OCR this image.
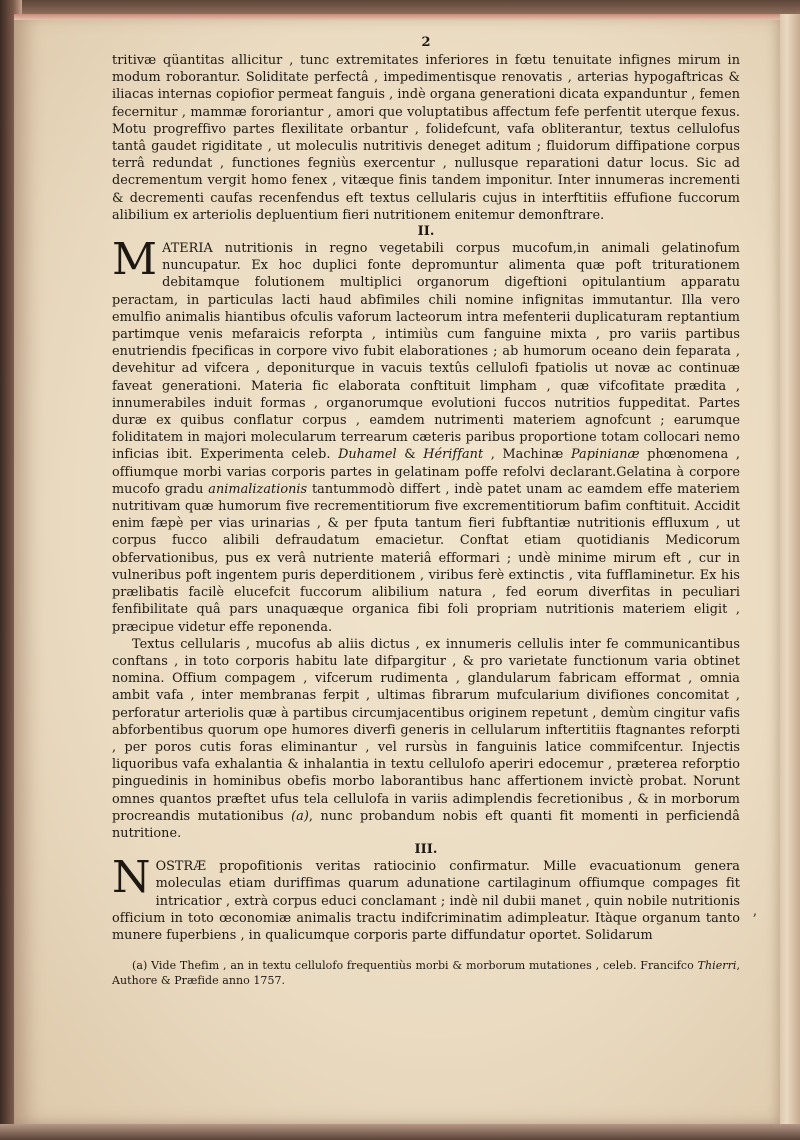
2

tritivæ qüantitas allicitur , tunc extremitates inferiores in fœtu tenuitate infignes mirum in modum roborantur. Soliditate perfectâ , impedimentisque renovatis , arterias hypogaftricas & iliacas internas copiofior permeat fanguis , indè organa generationi dicata expanduntur , femen fecernitur , mammæ fororiantur , amori que voluptatibus affectum fefe perfentit uterque fexus. Motu progreffivo partes flexilitate orbantur , folidefcunt, vafa obliterantur, textus cellulofus tantâ gaudet rigiditate , ut moleculis nutritivis deneget aditum ; fluidorum diffipatione corpus terrâ redundat , functiones fegniùs exercentur , nullusque reparationi datur locus. Sic ad decrementum vergit homo fenex , vitæque finis tandem imponitur. Inter innumeras incrementi & decrementi caufas recenfendus eft textus cellularis cujus in interftitiis effufione fuccorum alibilium ex arteriolis depluentium fieri nutritionem enitemur demonftrare.

II.

MATERIA nutritionis in regno vegetabili corpus mucofum,in animali gelatinofum nuncupatur. Ex hoc duplici fonte depromuntur alimenta quæ poft triturationem debitamque folutionem multiplici organorum digeftioni opitulantium apparatu peractam, in particulas lacti haud abfimiles chili nomine infignitas immutantur. Illa vero emulfio animalis hiantibus ofculis vaforum lacteorum intra mefenterii duplicaturam reptantium partimque venis mefaraicis reforpta , intimiùs cum fanguine mixta , pro variis partibus enutriendis fpecificas in corpore vivo fubit elaborationes ; ab humorum oceano dein feparata , devehitur ad vifcera , deponiturque in vacuis textûs cellulofi fpatiolis ut novæ ac continuæ faveat generationi. Materia fic elaborata conftituit limpham , quæ vifcofitate prædita , innumerabiles induit formas , organorumque evolutioni fuccos nutritios fuppeditat. Partes duræ ex quibus conflatur corpus , eamdem nutrimenti materiem agnofcunt ; earumque foliditatem in majori molecularum terrearum cæteris paribus proportione totam collocari nemo inficias ibit. Experimenta celeb. Duhamel & Hériffant , Machinæ Papinianæ phœnomena , offiumque morbi varias corporis partes in gelatinam poffe refolvi declarant.Gelatina à corpore mucofo gradu animalizationis tantummodò differt , indè patet unam ac eamdem effe materiem nutritivam quæ humorum five recrementitiorum five excrementitiorum bafim conftituit. Accidit enim fæpè per vias urinarias , & per fputa tantum fieri fubftantiæ nutritionis effluxum , ut corpus fucco alibili defraudatum emacietur. Conftat etiam quotidianis Medicorum obfervationibus, pus ex verâ nutriente materiâ efformari ; undè minime mirum eft , cur in vulneribus poft ingentem puris deperditionem , viribus ferè extinctis , vita fufflaminetur. Ex his prælibatis facilè elucefcit fuccorum alibilium natura , fed eorum diverfitas in peculiari fenfibilitate quâ pars unaquæque organica fibi foli propriam nutritionis materiem eligit , præcipue videtur effe reponenda.

Textus cellularis , mucofus ab aliis dictus , ex innumeris cellulis inter fe communicantibus conftans , in toto corporis habitu late difpargitur , & pro varietate functionum varia obtinet nomina. Offium compagem , vifcerum rudimenta , glandularum fabricam efformat , omnia ambit vafa , inter membranas ferpit , ultimas fibrarum mufcularium divifiones concomitat , perforatur arteriolis quæ à partibus circumjacentibus originem repetunt , demùm cingitur vafis abforbentibus quorum ope humores diverfi generis in cellularum inftertitiis ftagnantes reforpti , per poros cutis foras eliminantur , vel rursùs in fanguinis latice commifcentur. Injectis liquoribus vafa exhalantia & inhalantia in textu cellulofo aperiri edocemur , præterea reforptio pinguedinis in hominibus obefis morbo laborantibus hanc affertionem invictè probat. Norunt omnes quantos præftet ufus tela cellulofa in variis adimplendis fecretionibus , & in morborum procreandis mutationibus (a), nunc probandum nobis eft quanti fit momenti in perficiendâ nutritione.

III.

NOSTRÆ propofitionis veritas ratiocinio confirmatur. Mille evacuationum genera moleculas etiam duriffimas quarum adunatione cartilaginum offiumque compages fit intricatior , extrà corpus educi conclamant ; indè nil dubii manet , quin nobile nutritionis officium in toto œconomiæ animalis tractu indifcriminatim adimpleatur. Itàque organum tanto munere fuperbiens , in qualicumque corporis parte diffundatur oportet. Solidarum

(a) Vide Thefim , an in textu cellulofo frequentiùs morbi & morborum mutationes , celeb. Francifco Thierri, Authore & Præfide anno 1757.

ʼ
